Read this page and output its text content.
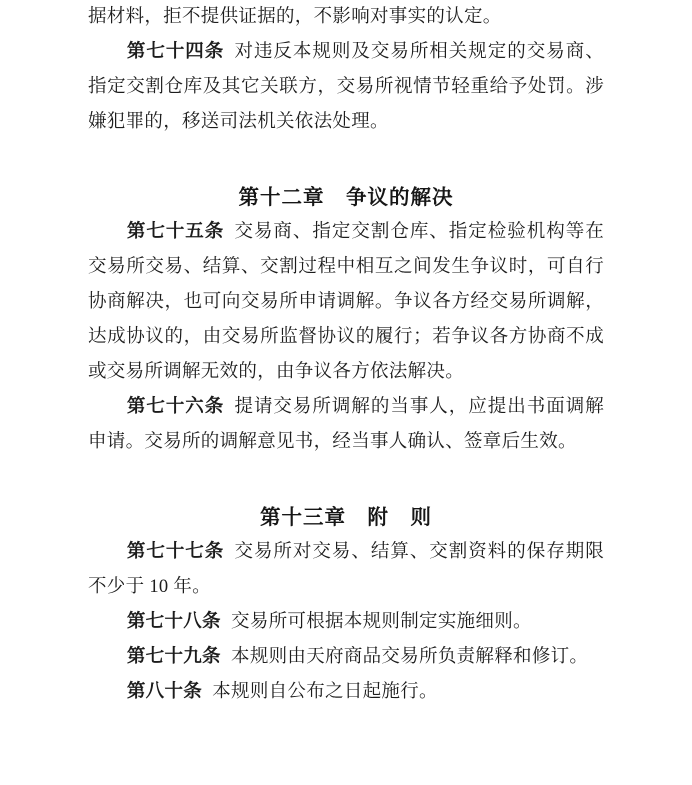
据材料，拒不提供证据的，不影响对事实的认定。

第七十四条 对违反本规则及交易所相关规定的交易商、指定交割仓库及其它关联方，交易所视情节轻重给予处罚。涉嫌犯罪的，移送司法机关依法处理。

第十二章　争议的解决

第七十五条 交易商、指定交割仓库、指定检验机构等在交易所交易、结算、交割过程中相互之间发生争议时，可自行协商解决，也可向交易所申请调解。争议各方经交易所调解，达成协议的，由交易所监督协议的履行；若争议各方协商不成或交易所调解无效的，由争议各方依法解决。

第七十六条 提请交易所调解的当事人，应提出书面调解申请。交易所的调解意见书，经当事人确认、签章后生效。

第十三章　附　则

第七十七条 交易所对交易、结算、交割资料的保存期限不少于 10 年。

第七十八条 交易所可根据本规则制定实施细则。

第七十九条 本规则由天府商品交易所负责解释和修订。

第八十条 本规则自公布之日起施行。
